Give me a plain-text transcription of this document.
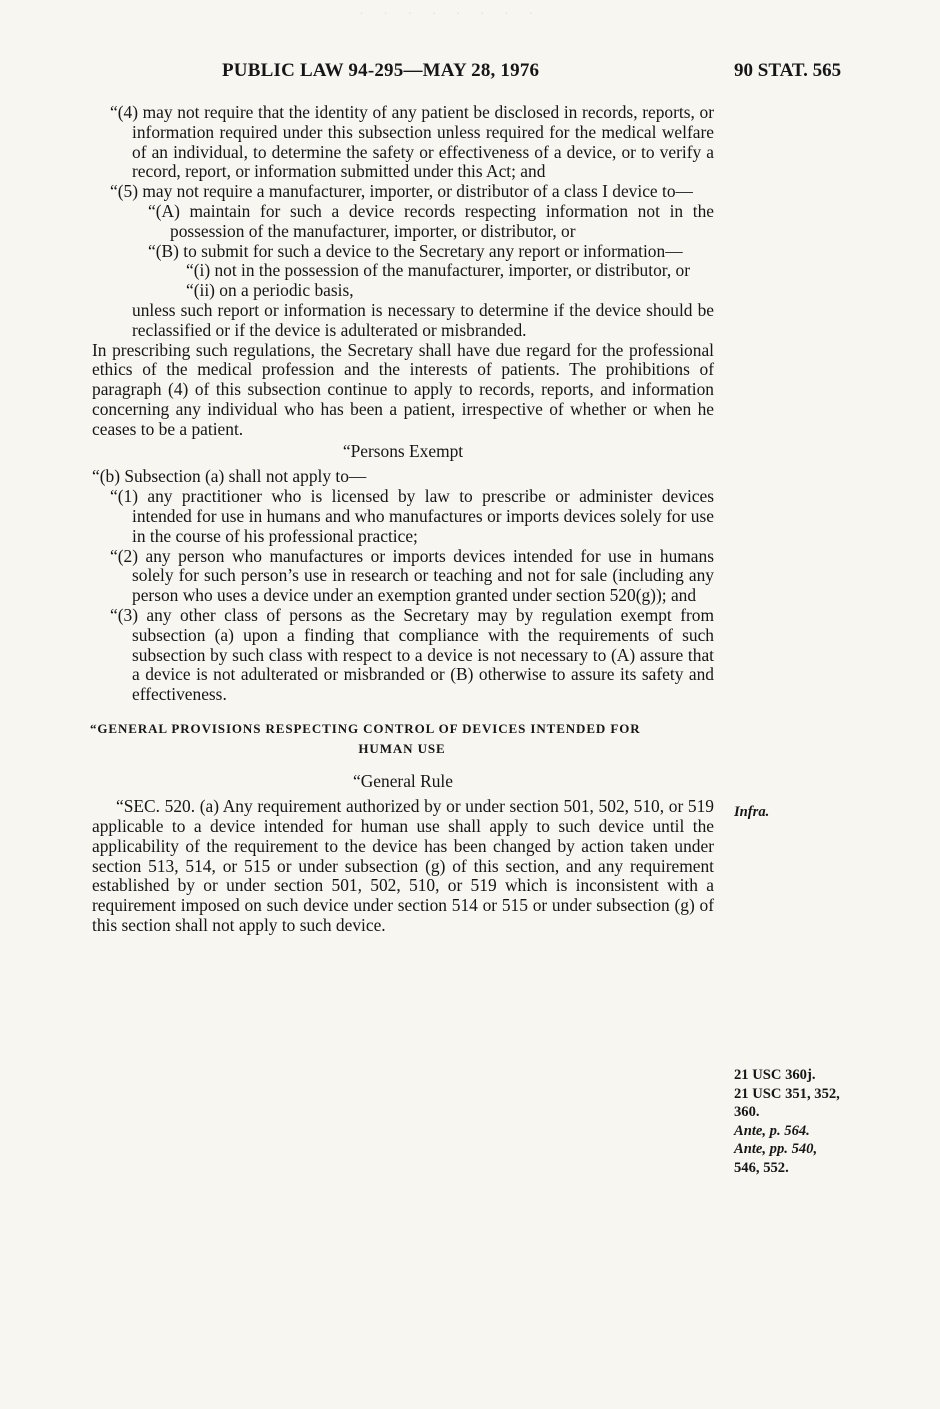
· · · · · · · ·
PUBLIC LAW 94-295—MAY 28, 1976	90 STAT. 565

“(4) may not require that the identity of any patient be disclosed in records, reports, or information required under this subsection unless required for the medical welfare of an individual, to determine the safety or effectiveness of a device, or to verify a record, report, or information submitted under this Act; and

“(5) may not require a manufacturer, importer, or distributor of a class I device to—

“(A) maintain for such a device records respecting information not in the possession of the manufacturer, importer, or distributor, or

“(B) to submit for such a device to the Secretary any report or information—

“(i) not in the possession of the manufacturer, importer, or distributor, or

“(ii) on a periodic basis,

unless such report or information is necessary to determine if the device should be reclassified or if the device is adulterated or misbranded.

In prescribing such regulations, the Secretary shall have due regard for the professional ethics of the medical profession and the interests of patients. The prohibitions of paragraph (4) of this subsection continue to apply to records, reports, and information concerning any individual who has been a patient, irrespective of whether or when he ceases to be a patient.

“Persons Exempt

“(b) Subsection (a) shall not apply to—

“(1) any practitioner who is licensed by law to prescribe or administer devices intended for use in humans and who manufactures or imports devices solely for use in the course of his professional practice;

“(2) any person who manufactures or imports devices intended for use in humans solely for such person’s use in research or teaching and not for sale (including any person who uses a device under an exemption granted under section 520(g)); and

“(3) any other class of persons as the Secretary may by regulation exempt from subsection (a) upon a finding that compliance with the requirements of such subsection by such class with respect to a device is not necessary to (A) assure that a device is not adulterated or misbranded or (B) otherwise to assure its safety and effectiveness.

“GENERAL PROVISIONS RESPECTING CONTROL OF DEVICES INTENDED FOR
HUMAN USE

“General Rule

“SEC. 520. (a) Any requirement authorized by or under section 501, 502, 510, or 519 applicable to a device intended for human use shall apply to such device until the applicability of the requirement to the device has been changed by action taken under section 513, 514, or 515 or under subsection (g) of this section, and any requirement established by or under section 501, 502, 510, or 519 which is inconsistent with a requirement imposed on such device under section 514 or 515 or under subsection (g) of this section shall not apply to such device.

Infra.
21 USC 360j.
21 USC 351, 352,
360.
Ante, p. 564.
Ante, pp. 540,
546, 552.
